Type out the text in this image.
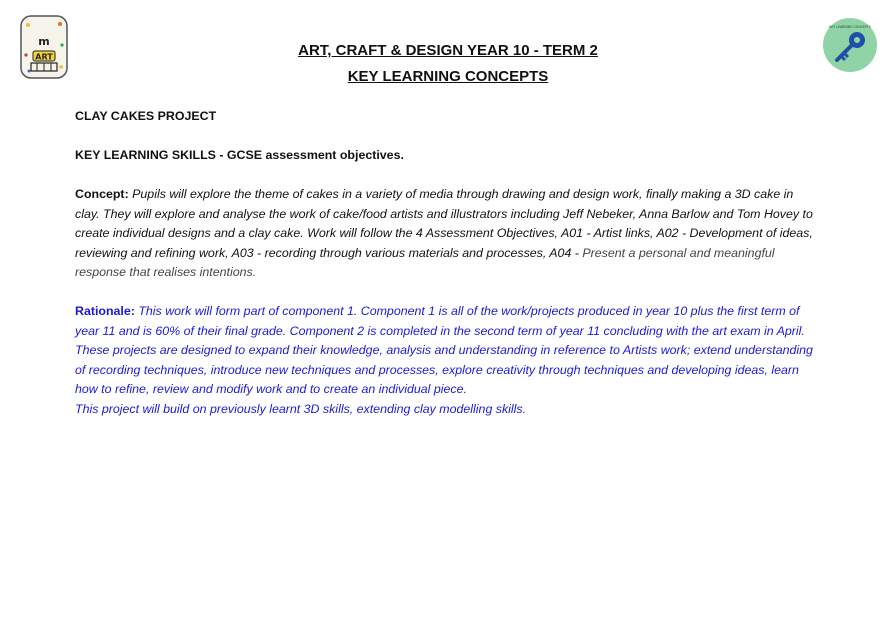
m
ART
KEY LEARNING CONCEPTS
ART, CRAFT & DESIGN YEAR 10 - TERM 2
KEY LEARNING CONCEPTS
CLAY CAKES PROJECT
KEY LEARNING SKILLS - GCSE assessment objectives.
Concept: Pupils will explore the theme of cakes in a variety of media through drawing and design work, finally making a 3D cake in clay. They will explore and analyse the work of cake/food artists and illustrators including Jeff Nebeker, Anna Barlow and Tom Hovey to create individual designs and a clay cake. Work will follow the 4 Assessment Objectives, A01 - Artist links, A02 - Development of ideas, reviewing and refining work, A03 - recording through various materials and processes, A04 - Present a personal and meaningful response that realises intentions.
Rationale: This work will form part of component 1. Component 1 is all of the work/projects produced in year 10 plus the first term of year 11 and is 60% of their final grade. Component 2 is completed in the second term of year 11 concluding with the art exam in April.
These projects are designed to expand their knowledge, analysis and understanding in reference to Artists work; extend understanding of recording techniques, introduce new techniques and processes, explore creativity through techniques and developing ideas, learn how to refine, review and modify work and to create an individual piece.
This project will build on previously learnt 3D skills, extending clay modelling skills.
